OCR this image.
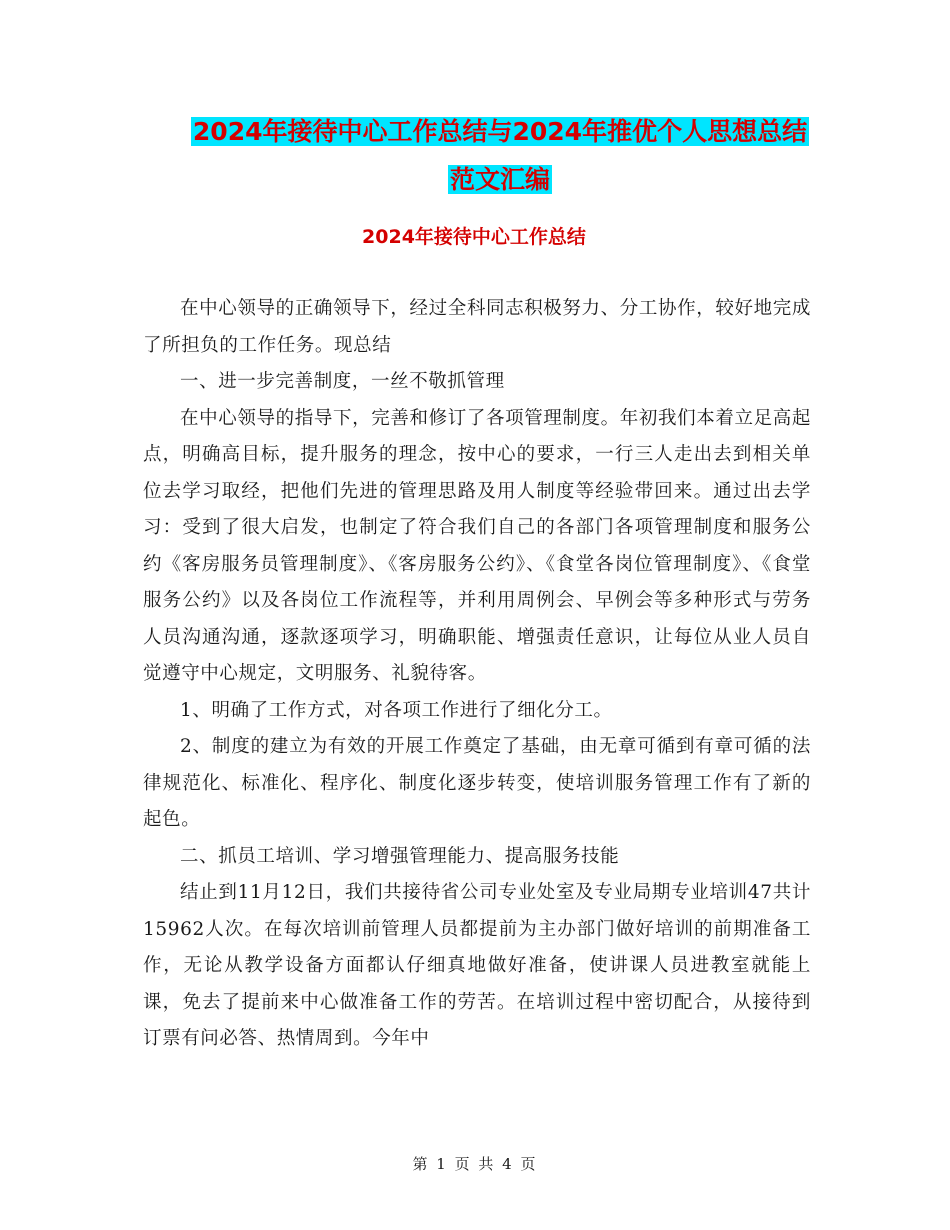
2024年接待中心工作总结与2024年推优个人思想总结
范文汇编
2024年接待中心工作总结

在中心领导的正确领导下，经过全科同志积极努力、分工协作，较好地完成了所担负的工作任务。现总结

一、进一步完善制度，一丝不敬抓管理

在中心领导的指导下，完善和修订了各项管理制度。年初我们本着立足高起点，明确高目标，提升服务的理念，按中心的要求，一行三人走出去到相关单位去学习取经，把他们先进的管理思路及用人制度等经验带回来。通过出去学习：受到了很大启发，也制定了符合我们自己的各部门各项管理制度和服务公约《客房服务员管理制度》、《客房服务公约》、《食堂各岗位管理制度》、《食堂服务公约》以及各岗位工作流程等，并利用周例会、早例会等多种形式与劳务人员沟通沟通，逐款逐项学习，明确职能、增强责任意识，让每位从业人员自觉遵守中心规定，文明服务、礼貌待客。

1、明确了工作方式，对各项工作进行了细化分工。

2、制度的建立为有效的开展工作奠定了基础，由无章可循到有章可循的法律规范化、标准化、程序化、制度化逐步转变，使培训服务管理工作有了新的起色。

二、抓员工培训、学习增强管理能力、提高服务技能

结止到11月12日，我们共接待省公司专业处室及专业局期专业培训47共计15962人次。在每次培训前管理人员都提前为主办部门做好培训的前期准备工作，无论从教学设备方面都认仔细真地做好准备，使讲课人员进教室就能上课，免去了提前来中心做准备工作的劳苦。在培训过程中密切配合，从接待到订票有问必答、热情周到。今年中

第 1 页 共 4 页
